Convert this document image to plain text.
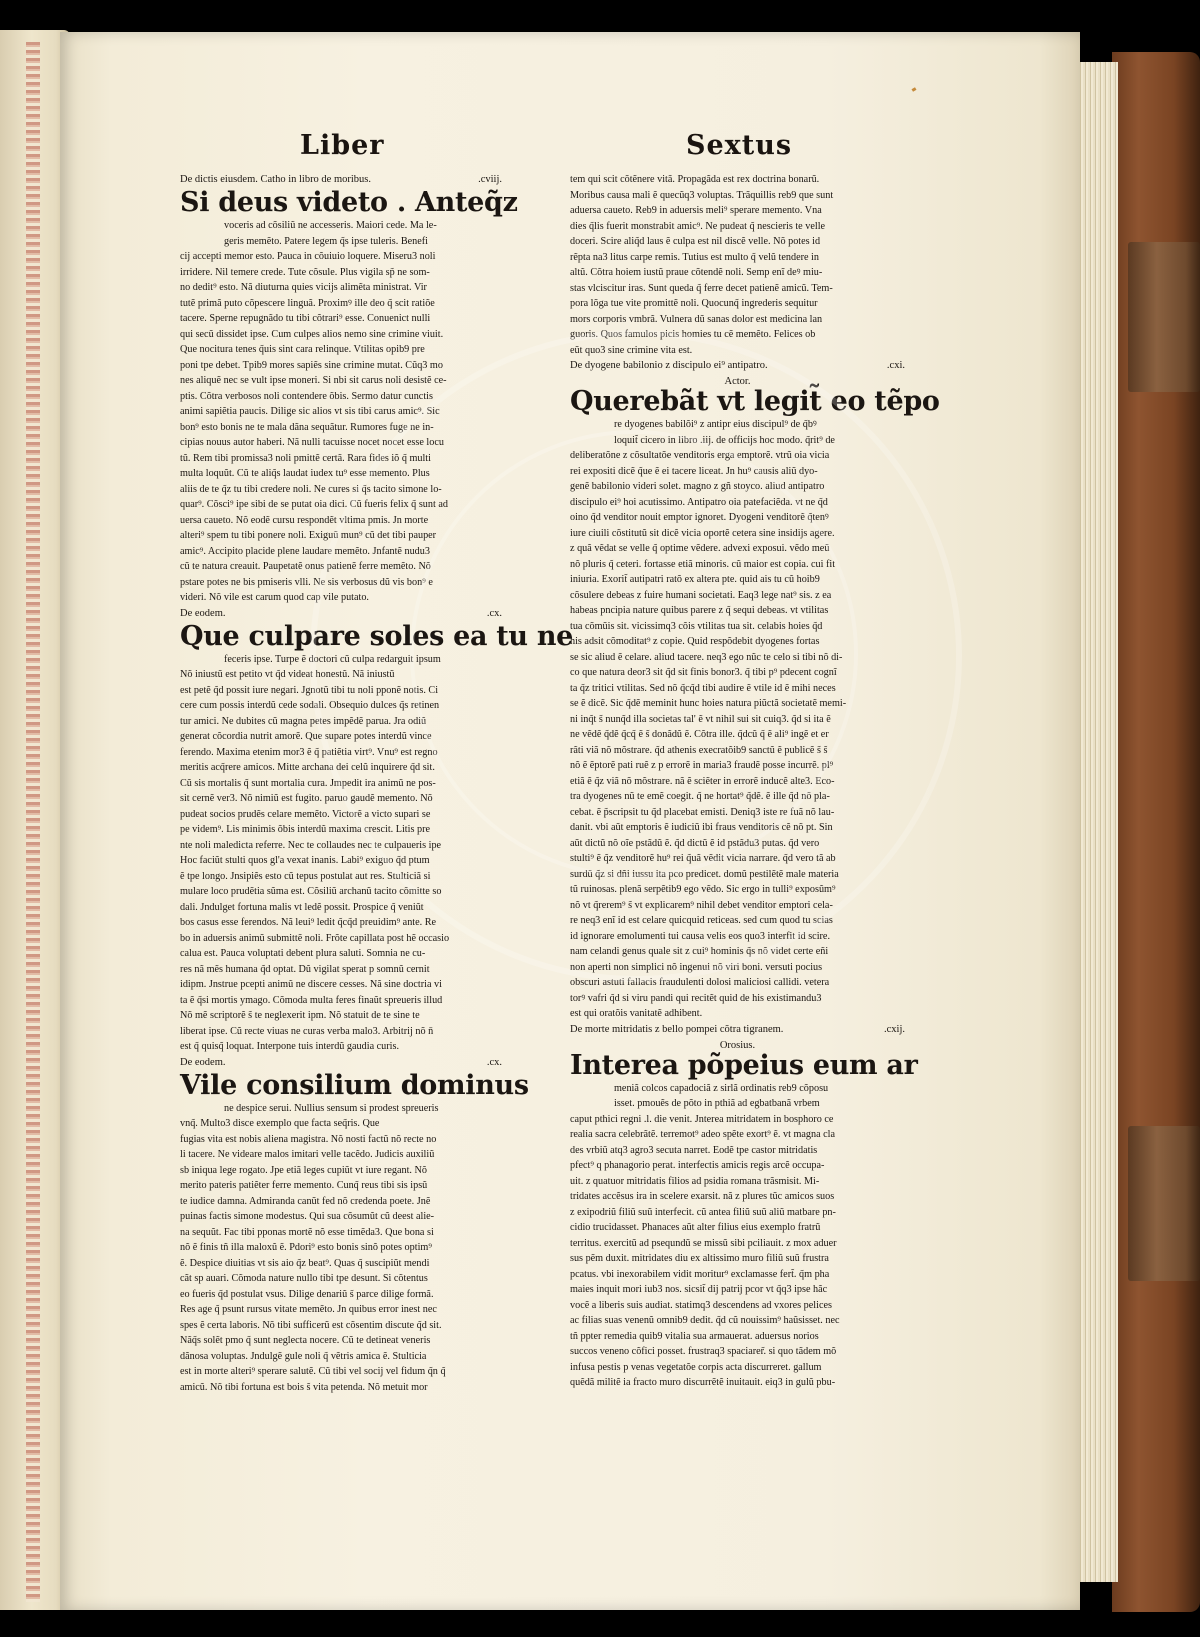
Liber	Sextus
De dictis eiusdem. Catho in libro de moribus.	.cviij.
Si deus videto . Anteq̃z
voceris ad cõsiliũ ne accesseris. Maiori cede. Ma le-
geris memẽto. Patere legem q̃s ipse tuleris. Benefi
cij accepti memor esto. Pauca in cõuiuio loquere. Miseru3 noli
irridere. Nil temere crede. Tute cõsule. Plus vigila sp̃ ne som-
no dedit⁹ esto. Nã diuturna quies vicijs alimẽta ministrat. Vir
tutẽ primã puto cõpescere linguã. Proximꝰ ille deo q̃ scit ratiõe
tacere. Sperne repugnãdo tu tibi cõtrari⁹ esse. Conuenict nulli
qui secũ dissidet ipse. Cum culpes alios nemo sine crimine viuit.
Que nocitura tenes q̃uis sint cara relinque. Vtilitas opib9 pre
poni tpe debet. Tpib9 mores sapiẽs sine crimine mutat. Cũq3 mo
nes aliquẽ nec se vult ipse moneri. Si nbi sit carus noli desistẽ ce-
ptis. Cõtra verbosos noli contendere õbis. Sermo datur cunctis
animi sapiẽtia paucis. Dilige sic alios vt sis tibi carus amic⁹. Sic
bon⁹ esto bonis ne te mala dãna sequãtur. Rumores fuge ne in-
cipias nouus autor haberi. Nã nulli tacuisse nocet nocet esse locu
tũ. Rem tibi promissa3 noli pmittẽ certã. Rara fides iõ q̃ multi
multa loquũt. Cũ te aliq̃s laudat iudex tu⁹ esse memento. Plus
aliis de te q̃z tu tibi credere noli. Ne cures si q̃s tacito simone lo-
quar⁹. Cõsci⁹ ipe sibi de se putat oia dici. Cũ fueris felix q̃ sunt ad
uersa caueto. Nõ eodẽ cursu respondẽt vltima pmis. Jn morte
alteri⁹ spem tu tibi ponere noli. Exiguũ mun⁹ cũ det tibi pauper
amic⁹. Accipito placide plene laudare memẽto. Jnfantẽ nudu3
cũ te natura creauit. Paupetatẽ onus patienẽ ferre memẽto. Nõ
pstare potes ne bis pmiseris vlli. Ne sis verbosus dũ vis bon⁹ e
videri. Nõ vile est carum quod cap vile putato.
De eodem.	.cx.
Que culpare soles ea tu ne
feceris ipse. Turpe ẽ doctori cũ culpa redarguit ipsum
Nõ iniustũ est petito vt q̃d videat honestũ. Nã iniustũ
est petẽ q̃d possit iure negari. Jgnotũ tibi tu noli pponẽ notis. Ci
cere cum possis interdũ cede sodali. Obsequio dulces q̃s retinen
tur amici. Ne dubites cũ magna petes impẽdẽ parua. Jra odiũ
generat cõcordia nutrit amorẽ. Que supare potes interdũ vince
ferendo. Maxima etenim mor3 ẽ q̃ patiẽtia virt⁹. Vnu⁹ est regno
meritis acq̃rere amicos. Mitte archana dei celũ inquirere q̃d sit.
Cũ sis mortalis q̃ sunt mortalia cura. Jmpedit ira animũ ne pos-
sit cernẽ ver3. Nõ nimiũ est fugito. paruo gaudẽ memento. Nõ
pudeat socios prudẽs celare memẽto. Victorẽ a victo supari se
pe videm⁹. Lis minimis õbis interdũ maxima crescit. Litis pre
nte noli maledicta referre. Nec te collaudes nec te culpaueris ipe
Hoc faciũt stulti quos gl'a vexat inanis. Labi⁹ exiguo q̃d ptum
ẽ tpe longo. Jnsipiẽs esto cũ tepus postulat aut res. Stulticiã si
mulare loco prudẽtia sũma est. Cõsiliũ archanũ tacito cõmitte so
dali. Jndulget fortuna malis vt ledẽ possit. Prospice q̃ veniũt
bos casus esse ferendos. Nã leui⁹ ledit q̃cq̃d preuidim⁹ ante. Re
bo in aduersis animũ submittẽ noli. Frõte capillata post hẽ occasio
calua est. Pauca voluptati debent plura saluti. Somnia ne cu-
res nã mẽs humana q̃d optat. Dũ vigilat sperat p somnũ cernit
idipm. Jnstrue pcepti animũ ne discere cesses. Nã sine doctria vi
ta ẽ q̃si mortis ymago. Cõmoda multa feres finaũt spreueris illud
Nõ mẽ scriptorẽ s̃ te neglexerit ipm. Nõ statuit de te sine te
liberat ipse. Cũ recte viuas ne curas verba malo3. Arbitrij nõ n̄
est q̃ quisq̃ loquat. Interpone tuis interdũ gaudia curis.
De eodem.	.cx.
Vile consilium dominus
ne despice serui. Nullius sensum si prodest spreueris
vnq̃. Multo3 disce exemplo que facta seq̃ris. Que
fugias vita est nobis aliena magistra. Nõ nosti factũ nõ recte no
li tacere. Ne videare malos imitari velle tacẽdo. Judicis auxiliũ
sb iniqua lege rogato. Jpe etiã leges cupiũt vt iure regant. Nõ
merito pateris patiẽter ferre memento. Cunq̃ reus tibi sis ipsũ
te iudice damna. Admiranda canũt fed nõ credenda poete. Jnẽ
puinas factis simone modestus. Qui sua cõsumũt cũ deest alie-
na sequũt. Fac tibi pponas mortẽ nõ esse timẽda3. Que bona si
nõ ẽ finis tñ illa maloxũ ẽ. Pdori⁹ esto bonis sinõ potes optim⁹
ẽ. Despice diuitias vt sis aio q̃z beat⁹. Quas q̃ suscipiũt mendi
cãt sp auari. Cõmoda nature nullo tibi tpe desunt. Si cõtentus
eo fueris q̃d postulat vsus. Dilige denariũ s̃ parce dilige formã.
Res age q̃ psunt rursus vitate memẽto. Jn quibus error inest nec
spes ẽ certa laboris. Nõ tibi sufficerũ est cõsentim discute q̃d sit.
Nãq̃s solẽt pmo q̃ sunt neglecta nocere. Cũ te detineat veneris
dãnosa voluptas. Jndulgẽ gule noli q̃ vẽtris amica ẽ. Stulticia
est in morte alteri⁹ sperare salutẽ. Cũ tibi vel socij vel fidum q̃n q̃
amicũ. Nõ tibi fortuna est bois s̃ vita petenda. Nõ metuit mor
tem qui scit cõtẽnere vitã. Propagãda est rex doctrina bonarũ.
Moribus causa mali ẽ quecũq3 voluptas. Trãquillis reb9 que sunt
aduersa caueto. Reb9 in aduersis meli⁹ sperare memento. Vna
dies q̃lis fuerit monstrabit amic⁹. Ne pudeat q̃ nescieris te velle
doceri. Scire aliq̃d laus ẽ culpa est nil discẽ velle. Nõ potes id
rẽpta na3 litus carpe remis. Tutius est multo q̃ velũ tendere in
altũ. Cõtra hoiem iustũ praue cõtendẽ noli. Semp enĩ deꝰ miu-
stas vlciscitur iras. Sunt queda q̃ ferre decet patienẽ amicũ. Tem-
pora lõga tue vite promittẽ noli. Quocunq̃ ingrederis sequitur
mors corporis vmbrã. Vulnera dũ sanas dolor est medicina lan
guoris. Quos famulos picis homies tu cẽ memẽto. Felices ob
eũt quo3 sine crimine vita est.
De dyogene babilonio z discipulo ei⁹ antipatro.	.cxi.
Actor.
Querebãt vt legit̃ eo tẽpo
re dyogenes babilõi⁹ z antipr eius discipul⁹ de q̃bꝰ
loquit̃ cicero in libro .iij. de officijs hoc modo. q̃rit⁹ de
deliberatõne z cõsultatõe venditoris erga emptorẽ. vtrũ oia vicia
rei expositi dicẽ q̃ue ẽ ei tacere liceat. Jn hu⁹ causis aliũ dyo-
genẽ babilonio videri solet. magno z gñ stoyco. aliud antipatro
discipulo ei⁹ hoi acutissimo. Antipatro oia patefaciẽda. vt ne q̃d
oino q̃d venditor nouit emptor ignoret. Dyogeni venditorẽ q̃tenꝰ
iure ciuili cõstitutũ sit dicẽ vicia oportẽ cetera sine insidijs agere.
z quã vẽdat se velle q̃ optime vẽdere. advexi exposui. vẽdo meũ
nõ pluris q̃ ceteri. fortasse etiã minoris. cũ maior est copia. cui fit
iniuria. Exorit̃ autipatri ratõ ex altera pte. quid ais tu cũ hoib9
cõsulere debeas z fuire humani societati. Eaq3 lege nat⁹ sis. z ea
habeas pncipia nature quibus parere z q̃ sequi debeas. vt vtilitas
tua cõmũis sit. vicissimq3 cõis vtilitas tua sit. celabis hoies q̃d
his adsit cõmoditat⁹ z copie. Quid respõdebit dyogenes fortas
se sic aliud ẽ celare. aliud tacere. neq3 ego nũc te celo si tibi nõ di-
co que natura deor3 sit q̃d sit finis bonor3. q̃ tibi p⁹ pdecent cognĩ
ta q̃z tritici vtilitas. Sed nõ q̃cq̃d tibi audire ẽ vtile id ẽ mihi neces
se ẽ dicẽ. Sic q̃dẽ meminit hunc hoies natura piũctã societatẽ memi-
ni inq̃t s̃ nunq̃d illa societas tal' ẽ vt nihil sui sit cuiq3. q̃d si ita ẽ
ne vẽdẽ q̃dẽ q̃cq̃ ẽ s̃ donãdũ ẽ. Cõtra ille. q̃dcũ q̃ ẽ ali⁹ ingẽ et er
rãti viã nõ mõstrare. q̃d athenis execratõib9 sanctũ ẽ publicẽ s̃ s̃
nõ ẽ ẽptorẽ pati ruẽ z p errorẽ in maria3 fraudẽ posse incurrẽ. pl⁹
etiã ẽ q̃z viã nõ mõstrare. nã ẽ sciẽter in errorẽ inducẽ alte3. Eco-
tra dyogenes nũ te emẽ coegit. q̃ ne hortat⁹ q̃dẽ. ẽ ille q̃d nõ pla-
cebat. ẽ p̃scripsit tu q̃d placebat emisti. Deniq3 iste re fuã nõ lau-
danit. vbi aũt emptoris ẽ iudiciũ ibi fraus venditoris cẽ nõ pt. Sin
aũt dictũ nõ oĩe pstãdũ ẽ. q̃d dictũ ẽ id pstãdu3 putas. q̃d vero
stulti⁹ ẽ q̃z venditorẽ hu⁹ rei q̃uã vẽdit vicia narrare. q̃d vero tã ab
surdũ q̃z si dñi iussu ita pco predicet. domũ pestilẽtẽ male materia
tũ ruinosas. plenã serpẽtib9 ego vẽdo. Sic ergo in tulli⁹ exposũm⁹
nõ vt q̃rerem⁹ s̃ vt explicarem⁹ nihil debet venditor emptori cela-
re neq3 enĩ id est celare quicquid reticeas. sed cum quod tu scias
id ignorare emolumenti tui causa velis eos quo3 interfit id scire.
nam celandi genus quale sit z cui⁹ hominis q̃s nõ videt certe eñi
non aperti non simplici nõ ingenui nõ viri boni. versuti pocius
obscuri astuti fallacis fraudulenti dolosi maliciosi callidi. vetera
torꝰ vafri q̃d si viru pandi qui recitẽt quid de his existimandu3
est qui oratõis vanitatẽ adhibent.
De morte mitridatis z bello pompei cõtra tigranem.	.cxij.
Orosius.
Interea põpeius eum ar
meniã colcos capadociã z sirlã ordinatis reb9 cõposu
isset. pmouẽs de põto in pthiã ad egbatbanã vrbem
caput pthici regni .l. die venit. Jnterea mitridatem in bosphoro ce
realia sacra celebrãtẽ. terremot⁹ adeo spẽte exort⁹ ẽ. vt magna cla
des vrbiũ atq3 agro3 secuta narret. Eodẽ tpe castor mitridatis
pfect⁹ q phanagorio perat. interfectis amicis regis arcẽ occupa-
uit. z quatuor mitridatis filios ad psidia romana trãsmisit. Mi-
tridates accẽsus ira in scelere exarsit. nã z plures tũc amicos suos
z exipodriũ filiũ suũ interfecit. cũ antea filiũ suũ aliũ matbare pn-
cidio trucidasset. Phanaces aũt alter filius eius exemplo fratrũ
territus. exercitũ ad psequndũ se missũ sibi pciliauit. z mox aduer
sus pẽm duxit. mitridates diu ex altissimo muro filiũ suũ frustra
pcatus. vbi inexorabilem vidit moritur⁹ exclamasse fert̃. q̃m pha
maies inquit mori iub3 nos. sicsit̃ dij patrij pcor vt q̃q3 ipse hãc
vocẽ a liberis suis audiat. statimq3 descendens ad vxores pelices
ac filias suas venenũ omnib9 dedit. q̃d cũ nouissim⁹ haũsisset. nec
tñ ppter remedia quib9 vitalia sua armauerat. aduersus norios
succos veneno cõfici posset. frustraq3 spaciarer̃. si quo tãdem mõ
infusa pestis p venas vegetatõe corpis acta discurreret. gallum
quẽdã militẽ ia fracto muro discurrẽtẽ inuitauit. eiq3 in gulũ pbu-
